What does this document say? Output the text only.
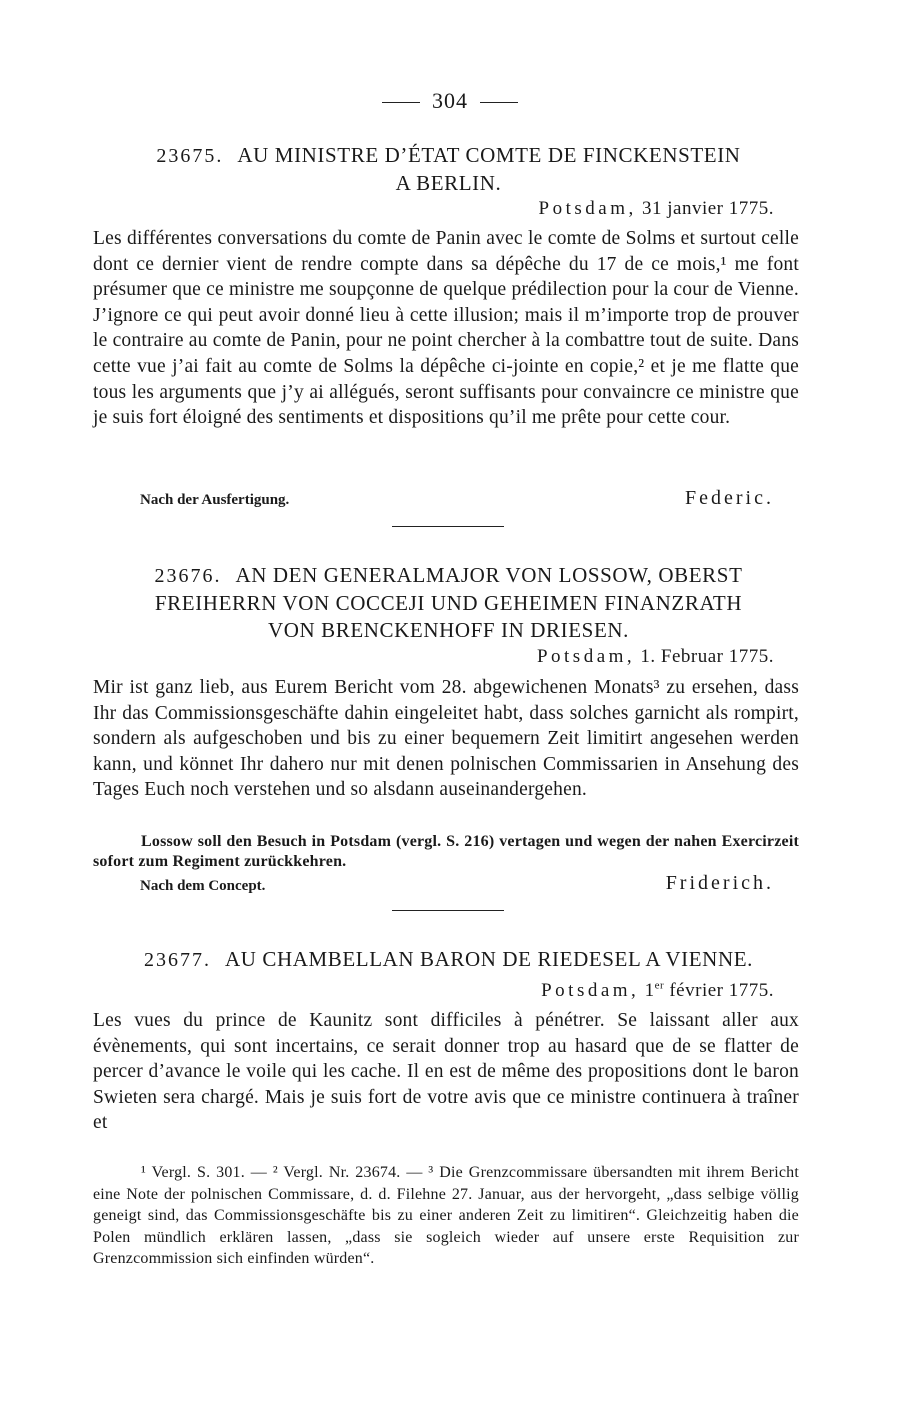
304
23675. AU MINISTRE D’ÉTAT COMTE DE FINCKENSTEIN
A BERLIN.
Potsdam, 31 janvier 1775.

Les différentes conversations du comte de Panin avec le comte de Solms et surtout celle dont ce dernier vient de rendre compte dans sa dépêche du 17 de ce mois,¹ me font présumer que ce ministre me soupçonne de quelque prédilection pour la cour de Vienne. J’ignore ce qui peut avoir donné lieu à cette illusion; mais il m’importe trop de prouver le contraire au comte de Panin, pour ne point chercher à la combattre tout de suite. Dans cette vue j’ai fait au comte de Solms la dépêche ci-jointe en copie,² et je me flatte que tous les arguments que j’y ai allégués, seront suffisants pour convaincre ce ministre que je suis fort éloigné des sentiments et dispositions qu’il me prête pour cette cour.

Nach der Ausfertigung.	Federic.
23676. AN DEN GENERALMAJOR VON LOSSOW, OBERST
FREIHERRN VON COCCEJI UND GEHEIMEN FINANZRATH
VON BRENCKENHOFF IN DRIESEN.
Potsdam, 1. Februar 1775.

Mir ist ganz lieb, aus Eurem Bericht vom 28. abgewichenen Monats³ zu ersehen, dass Ihr das Commissionsgeschäfte dahin eingeleitet habt, dass solches garnicht als rompirt, sondern als aufgeschoben und bis zu einer bequemern Zeit limitirt angesehen werden kann, und könnet Ihr dahero nur mit denen polnischen Commissarien in Ansehung des Tages Euch noch verstehen und so alsdann auseinandergehen.

Lossow soll den Besuch in Potsdam (vergl. S. 216) vertagen und wegen der nahen Exercirzeit sofort zum Regiment zurückkehren.

Nach dem Concept.	Friderich.
23677. AU CHAMBELLAN BARON DE RIEDESEL A VIENNE.
Potsdam, 1er février 1775.

Les vues du prince de Kaunitz sont difficiles à pénétrer. Se laissant aller aux évènements, qui sont incertains, ce serait donner trop au hasard que de se flatter de percer d’avance le voile qui les cache. Il en est de même des propositions dont le baron Swieten sera chargé. Mais je suis fort de votre avis que ce ministre continuera à traîner et

¹ Vergl. S. 301. — ² Vergl. Nr. 23674. — ³ Die Grenzcommissare übersandten mit ihrem Bericht eine Note der polnischen Commissare, d. d. Filehne 27. Januar, aus der hervorgeht, „dass selbige völlig geneigt sind, das Commissionsgeschäfte bis zu einer anderen Zeit zu limitiren“. Gleichzeitig haben die Polen mündlich erklären lassen, „dass sie sogleich wieder auf unsere erste Requisition zur Grenzcommission sich einfinden würden“.
